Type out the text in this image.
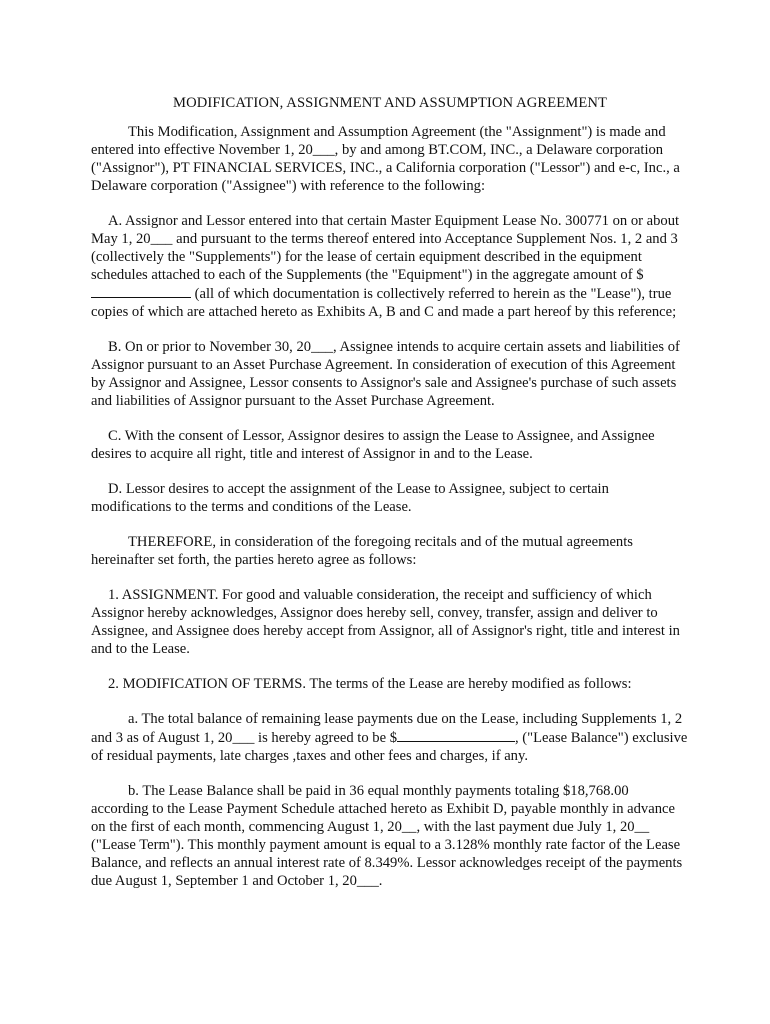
MODIFICATION, ASSIGNMENT AND ASSUMPTION AGREEMENT

This Modification, Assignment and Assumption Agreement (the "Assignment") is made and entered into effective November 1, 20___, by and among BT.COM, INC., a Delaware corporation ("Assignor"), PT FINANCIAL SERVICES, INC., a California corporation ("Lessor") and e-c, Inc., a Delaware corporation ("Assignee") with reference to the following:

A. Assignor and Lessor entered into that certain Master Equipment Lease No. 300771 on or about May 1, 20___ and pursuant to the terms thereof entered into Acceptance Supplement Nos. 1, 2 and 3 (collectively the "Supplements") for the lease of certain equipment described in the equipment schedules attached to each of the Supplements (the "Equipment") in the aggregate amount of $ (all of which documentation is collectively referred to herein as the "Lease"), true copies of which are attached hereto as Exhibits A, B and C and made a part hereof by this reference;

B. On or prior to November 30, 20___, Assignee intends to acquire certain assets and liabilities of Assignor pursuant to an Asset Purchase Agreement. In consideration of execution of this Agreement by Assignor and Assignee, Lessor consents to Assignor's sale and Assignee's purchase of such assets and liabilities of Assignor pursuant to the Asset Purchase Agreement.

C. With the consent of Lessor, Assignor desires to assign the Lease to Assignee, and Assignee desires to acquire all right, title and interest of Assignor in and to the Lease.

D. Lessor desires to accept the assignment of the Lease to Assignee, subject to certain modifications to the terms and conditions of the Lease.

THEREFORE, in consideration of the foregoing recitals and of the mutual agreements hereinafter set forth, the parties hereto agree as follows:

1. ASSIGNMENT. For good and valuable consideration, the receipt and sufficiency of which Assignor hereby acknowledges, Assignor does hereby sell, convey, transfer, assign and deliver to Assignee, and Assignee does hereby accept from Assignor, all of Assignor's right, title and interest in and to the Lease.

2. MODIFICATION OF TERMS. The terms of the Lease are hereby modified as follows:

a. The total balance of remaining lease payments due on the Lease, including Supplements 1, 2 and 3 as of August 1, 20___ is hereby agreed to be $	, ("Lease Balance") exclusive of residual payments, late charges ,taxes and other fees and charges, if any.

b. The Lease Balance shall be paid in 36 equal monthly payments totaling $18,768.00 according to the Lease Payment Schedule attached hereto as Exhibit D, payable monthly in advance on the first of each month, commencing August 1, 20__, with the last payment due July 1, 20__ ("Lease Term"). This monthly payment amount is equal to a 3.128% monthly rate factor of the Lease Balance, and reflects an annual interest rate of 8.349%. Lessor acknowledges receipt of the payments due August 1, September 1 and October 1, 20___.
